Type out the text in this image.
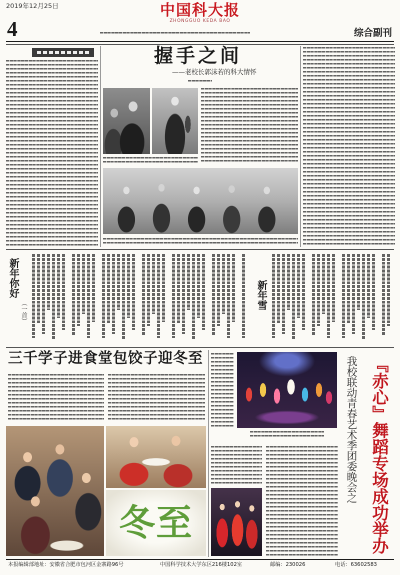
2019年12月25日	中国科大报
ZHONGGUO KEDA BAO
4	综合副刊
握手之间
——老校长郭沫若的科大情怀
新年你好
（一首）
新年雪
三千学子进食堂包饺子迎冬至
冬至
我校联动青春艺术季团委晚会之 『赤心』舞蹈专场成功举办
本报编辑部地址：安徽省合肥市包河区金寨路96号	中国科学技术大学东区216楼102室	邮编：230026	电话：63602583
